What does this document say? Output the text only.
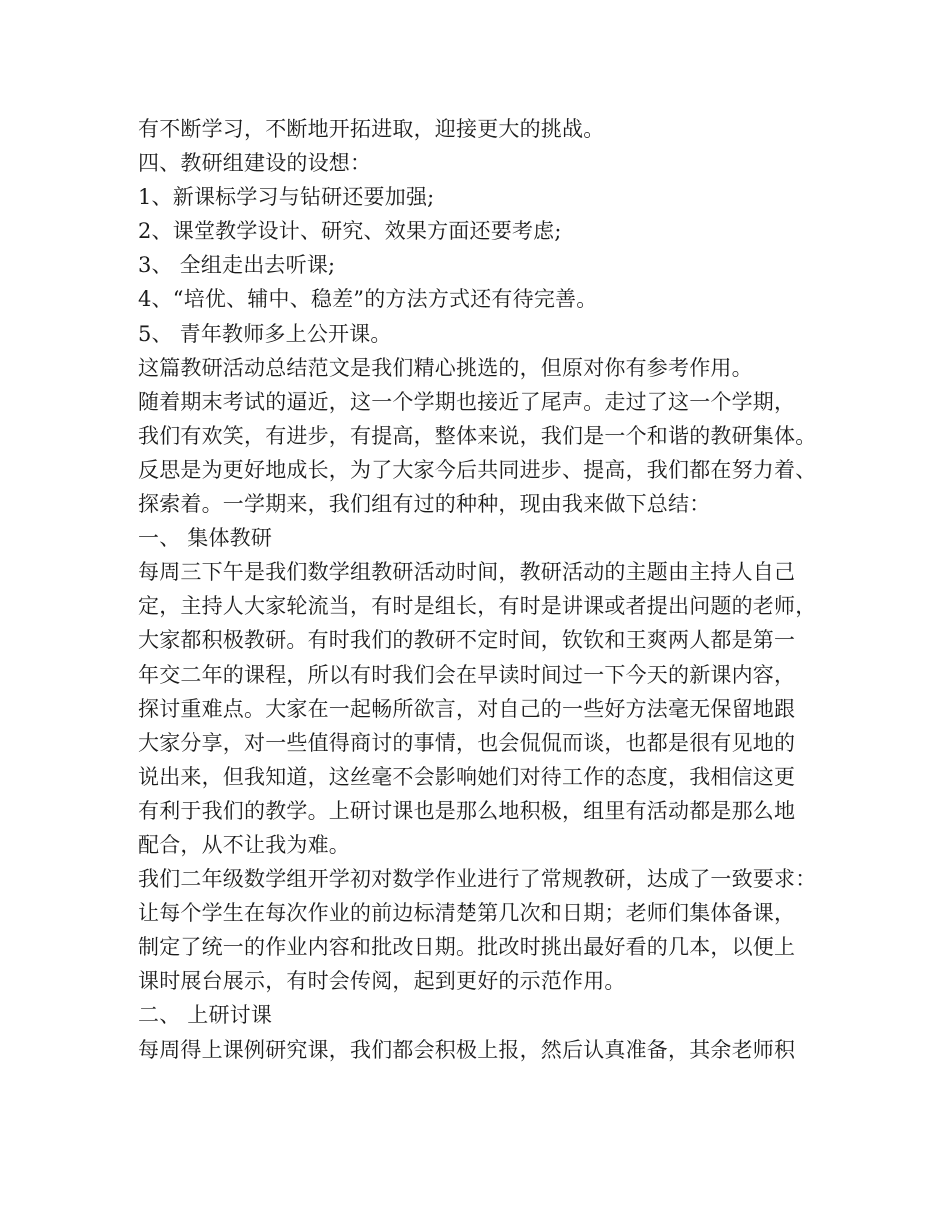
有不断学习，不断地开拓进取，迎接更大的挑战。
四、教研组建设的设想：
1、新课标学习与钻研还要加强;
2、课堂教学设计、研究、效果方面还要考虑;
3、 全组走出去听课;
4、“培优、辅中、稳差”的方法方式还有待完善。
5、 青年教师多上公开课。
这篇教研活动总结范文是我们精心挑选的，但原对你有参考作用。
随着期末考试的逼近，这一个学期也接近了尾声。走过了这一个学期，
我们有欢笑，有进步，有提高，整体来说，我们是一个和谐的教研集体。
反思是为更好地成长，为了大家今后共同进步、提高，我们都在努力着、
探索着。一学期来，我们组有过的种种，现由我来做下总结：
一、 集体教研
每周三下午是我们数学组教研活动时间，教研活动的主题由主持人自己
定，主持人大家轮流当，有时是组长，有时是讲课或者提出问题的老师，
大家都积极教研。有时我们的教研不定时间，钦钦和王爽两人都是第一
年交二年的课程，所以有时我们会在早读时间过一下今天的新课内容，
探讨重难点。大家在一起畅所欲言，对自己的一些好方法毫无保留地跟
大家分享，对一些值得商讨的事情，也会侃侃而谈，也都是很有见地的
说出来，但我知道，这丝毫不会影响她们对待工作的态度，我相信这更
有利于我们的教学。上研讨课也是那么地积极，组里有活动都是那么地
配合，从不让我为难。
我们二年级数学组开学初对数学作业进行了常规教研，达成了一致要求：
让每个学生在每次作业的前边标清楚第几次和日期；老师们集体备课，
制定了统一的作业内容和批改日期。批改时挑出最好看的几本，以便上
课时展台展示，有时会传阅，起到更好的示范作用。
二、 上研讨课
每周得上课例研究课，我们都会积极上报，然后认真准备，其余老师积
